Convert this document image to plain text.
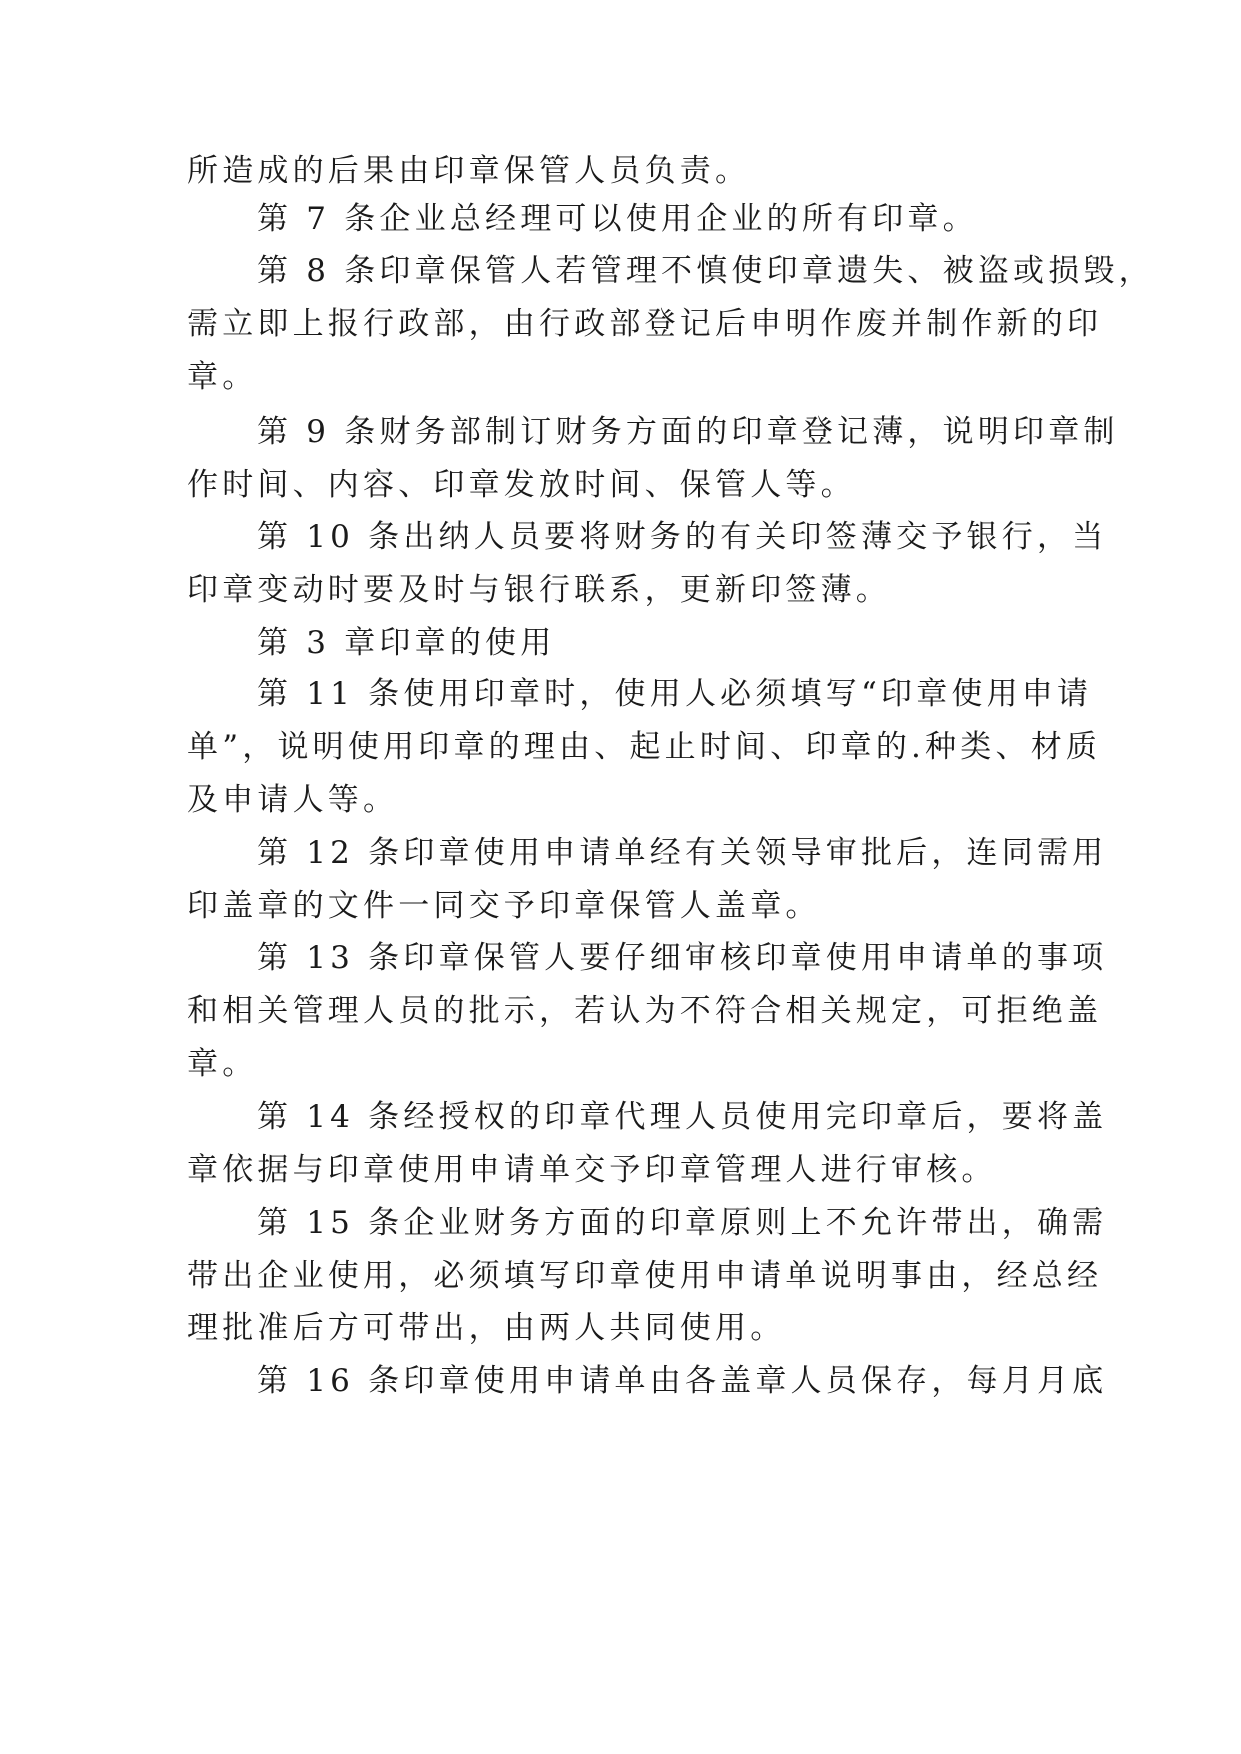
所造成的后果由印章保管人员负责。
第 7 条企业总经理可以使用企业的所有印章。
第 8 条印章保管人若管理不慎使印章遗失、被盗或损毁，
需立即上报行政部，由行政部登记后申明作废并制作新的印
章。
第 9 条财务部制订财务方面的印章登记薄，说明印章制
作时间、内容、印章发放时间、保管人等。
第 10 条出纳人员要将财务的有关印签薄交予银行，当
印章变动时要及时与银行联系，更新印签薄。
第 3 章印章的使用
第 11 条使用印章时，使用人必须填写“印章使用申请
单”，说明使用印章的理由、起止时间、印章的.种类、材质
及申请人等。
第 12 条印章使用申请单经有关领导审批后，连同需用
印盖章的文件一同交予印章保管人盖章。
第 13 条印章保管人要仔细审核印章使用申请单的事项
和相关管理人员的批示，若认为不符合相关规定，可拒绝盖
章。
第 14 条经授权的印章代理人员使用完印章后，要将盖
章依据与印章使用申请单交予印章管理人进行审核。
第 15 条企业财务方面的印章原则上不允许带出，确需
带出企业使用，必须填写印章使用申请单说明事由，经总经
理批准后方可带出，由两人共同使用。
第 16 条印章使用申请单由各盖章人员保存，每月月底
